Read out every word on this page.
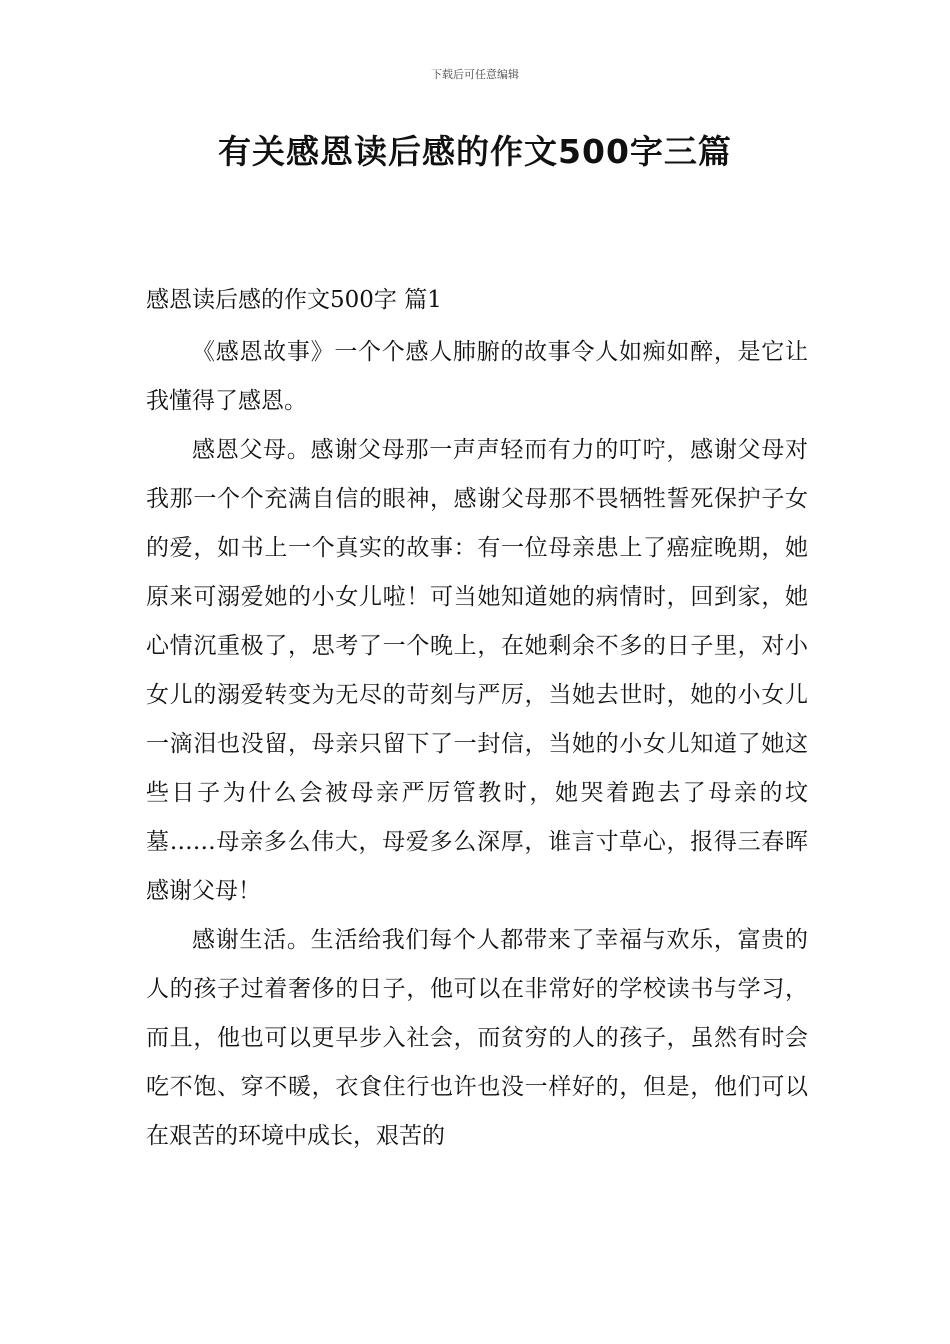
下载后可任意编辑
有关感恩读后感的作文500字三篇
感恩读后感的作文500字 篇1

《感恩故事》一个个感人肺腑的故事令人如痴如醉，是它让我懂得了感恩。

感恩父母。感谢父母那一声声轻而有力的叮咛，感谢父母对我那一个个充满自信的眼神，感谢父母那不畏牺牲誓死保护子女的爱，如书上一个真实的故事：有一位母亲患上了癌症晚期，她原来可溺爱她的小女儿啦！可当她知道她的病情时，回到家，她心情沉重极了，思考了一个晚上，在她剩余不多的日子里，对小女儿的溺爱转变为无尽的苛刻与严厉，当她去世时，她的小女儿一滴泪也没留，母亲只留下了一封信，当她的小女儿知道了她这些日子为什么会被母亲严厉管教时，她哭着跑去了母亲的坟墓……母亲多么伟大，母爱多么深厚，谁言寸草心，报得三春晖感谢父母！

感谢生活。生活给我们每个人都带来了幸福与欢乐，富贵的人的孩子过着奢侈的日子，他可以在非常好的学校读书与学习，而且，他也可以更早步入社会，而贫穷的人的孩子，虽然有时会吃不饱、穿不暖，衣食住行也许也没一样好的，但是，他们可以在艰苦的环境中成长，艰苦的
